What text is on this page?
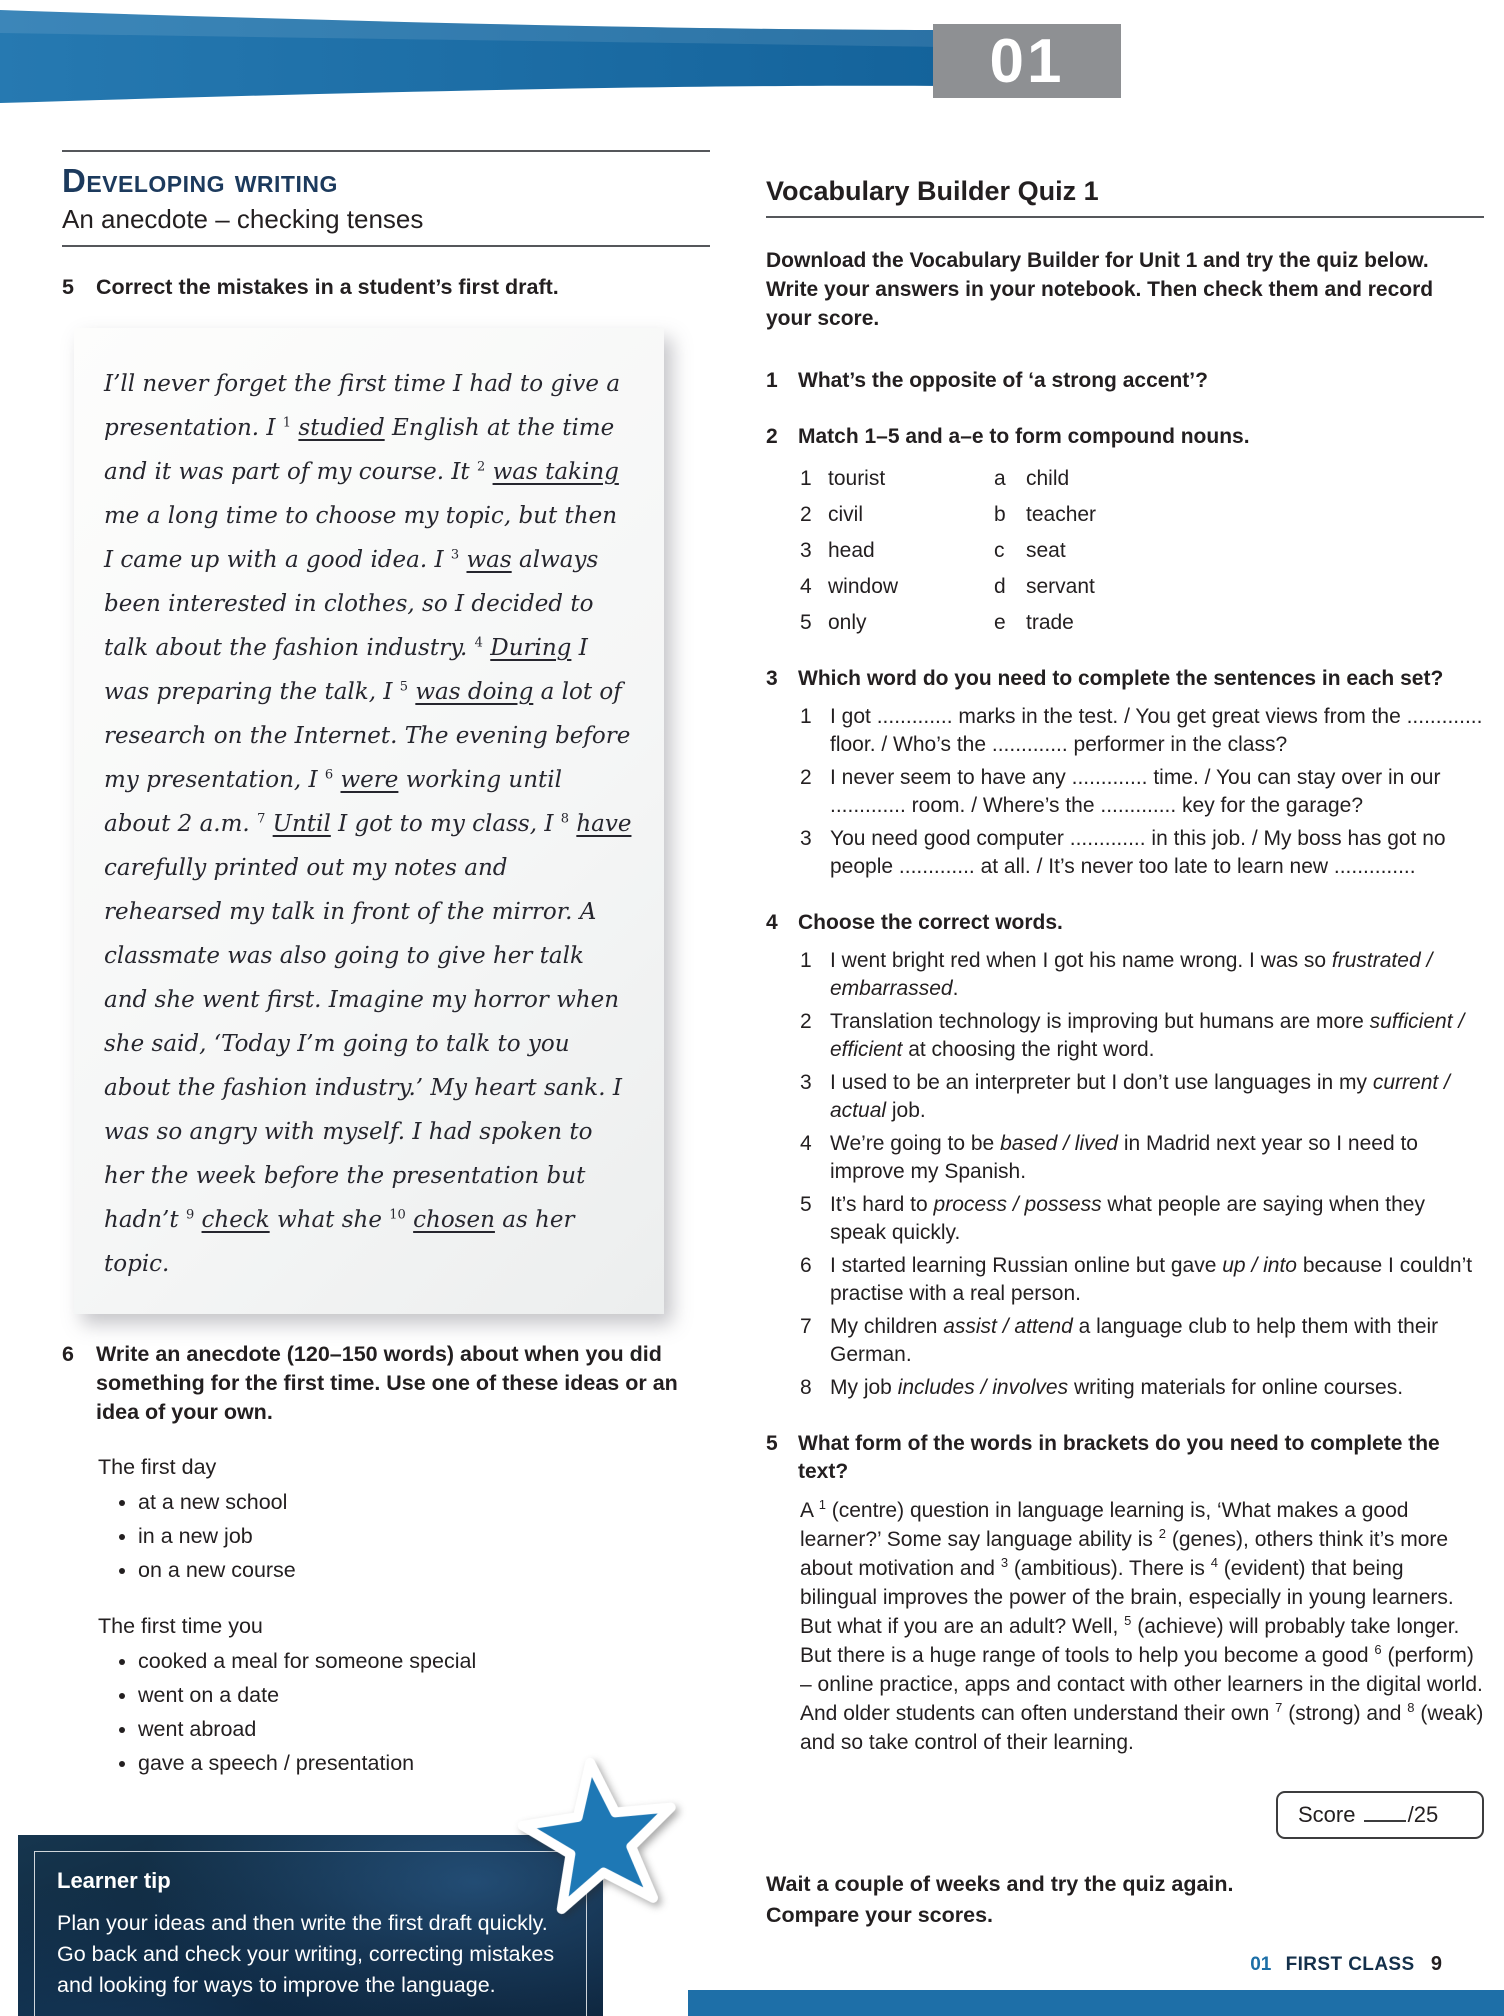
01
Developing writing
An anecdote – checking tenses
5 Correct the mistakes in a student’s first draft.
I’ll never forget the first time I had to give a presentation. I $^1$ studied English at the time and it was part of my course. It $^2$ was taking me a long time to choose my topic, but then I came up with a good idea. I $^3$ was always been interested in clothes, so I decided to talk about the fashion industry. $^4$ During I was preparing the talk, I $^5$ was doing a lot of research on the Internet. The evening before my presentation, I $^6$ were working until about 2 a.m. $^7$ Until I got to my class, I $^8$ have carefully printed out my notes and rehearsed my talk in front of the mirror. A classmate was also going to give her talk and she went first. Imagine my horror when she said, ‘Today I’m going to talk to you about the fashion industry.’ My heart sank. I was so angry with myself. I had spoken to her the week before the presentation but hadn’t $^9$ check what she $^{10}$ chosen as her topic.
6 Write an anecdote (120–150 words) about when you did something for the first time. Use one of these ideas or an idea of your own.

The first day

• at a new school
• in a new job
• on a new course

The first time you

• cooked a meal for someone special
• went on a date
• went abroad
• gave a speech / presentation
Learner tip
Plan your ideas and then write the first draft quickly. Go back and check your writing, correcting mistakes and looking for ways to improve the language.
Vocabulary Builder Quiz 1

Download the Vocabulary Builder for Unit 1 and try the quiz below. Write your answers in your notebook. Then check them and record your score.

1 What’s the opposite of ‘a strong accent’?
2 Match 1–5 and a–e to form compound nouns.
1 tourist	a child
2 civil	b teacher
3 head	c	seat
4 window	d servant
5 only	e trade
3 Which word do you need to complete the sentences in each set?
1 I got ............. marks in the test. / You get great views from the ............. floor. / Who’s the ............. performer in the class?
2 I never seem to have any ............. time. / You can stay over in our ............. room. / Where’s the ............. key for the garage?
3 You need good computer ............. in this job. / My boss has got no people ............. at all. / It’s never too late to learn new ..............
4 Choose the correct words.
1 I went bright red when I got his name wrong. I was so frustrated / embarrassed.
2 Translation technology is improving but humans are more sufficient / efficient at choosing the right word.
3 I used to be an interpreter but I don’t use languages in my current / actual job.
4 We’re going to be based / lived in Madrid next year so I need to improve my Spanish.
5 It’s hard to process / possess what people are saying when they speak quickly.
6 I started learning Russian online but gave up / into because I couldn’t practise with a real person.
7 My children assist / attend a language club to help them with their German.
8 My job includes / involves writing materials for online courses.
5 What form of the words in brackets do you need to complete the text?

A $^1$ (centre) question in language learning is, ‘What makes a good learner?’ Some say language ability is $^2$ (genes), others think it’s more about motivation and $^3$ (ambitious). There is $^4$ (evident) that being bilingual improves the power of the brain, especially in young learners. But what if you are an adult? Well, $^5$ (achieve) will probably take longer. But there is a huge range of tools to help you become a good $^6$ (perform) – online practice, apps and contact with other learners in the digital world. And older students can often understand their own $^7$ (strong) and $^8$ (weak) and so take control of their learning.

Score /25

Wait a couple of weeks and try the quiz again.
Compare your scores.

01 FIRST CLASS 9
